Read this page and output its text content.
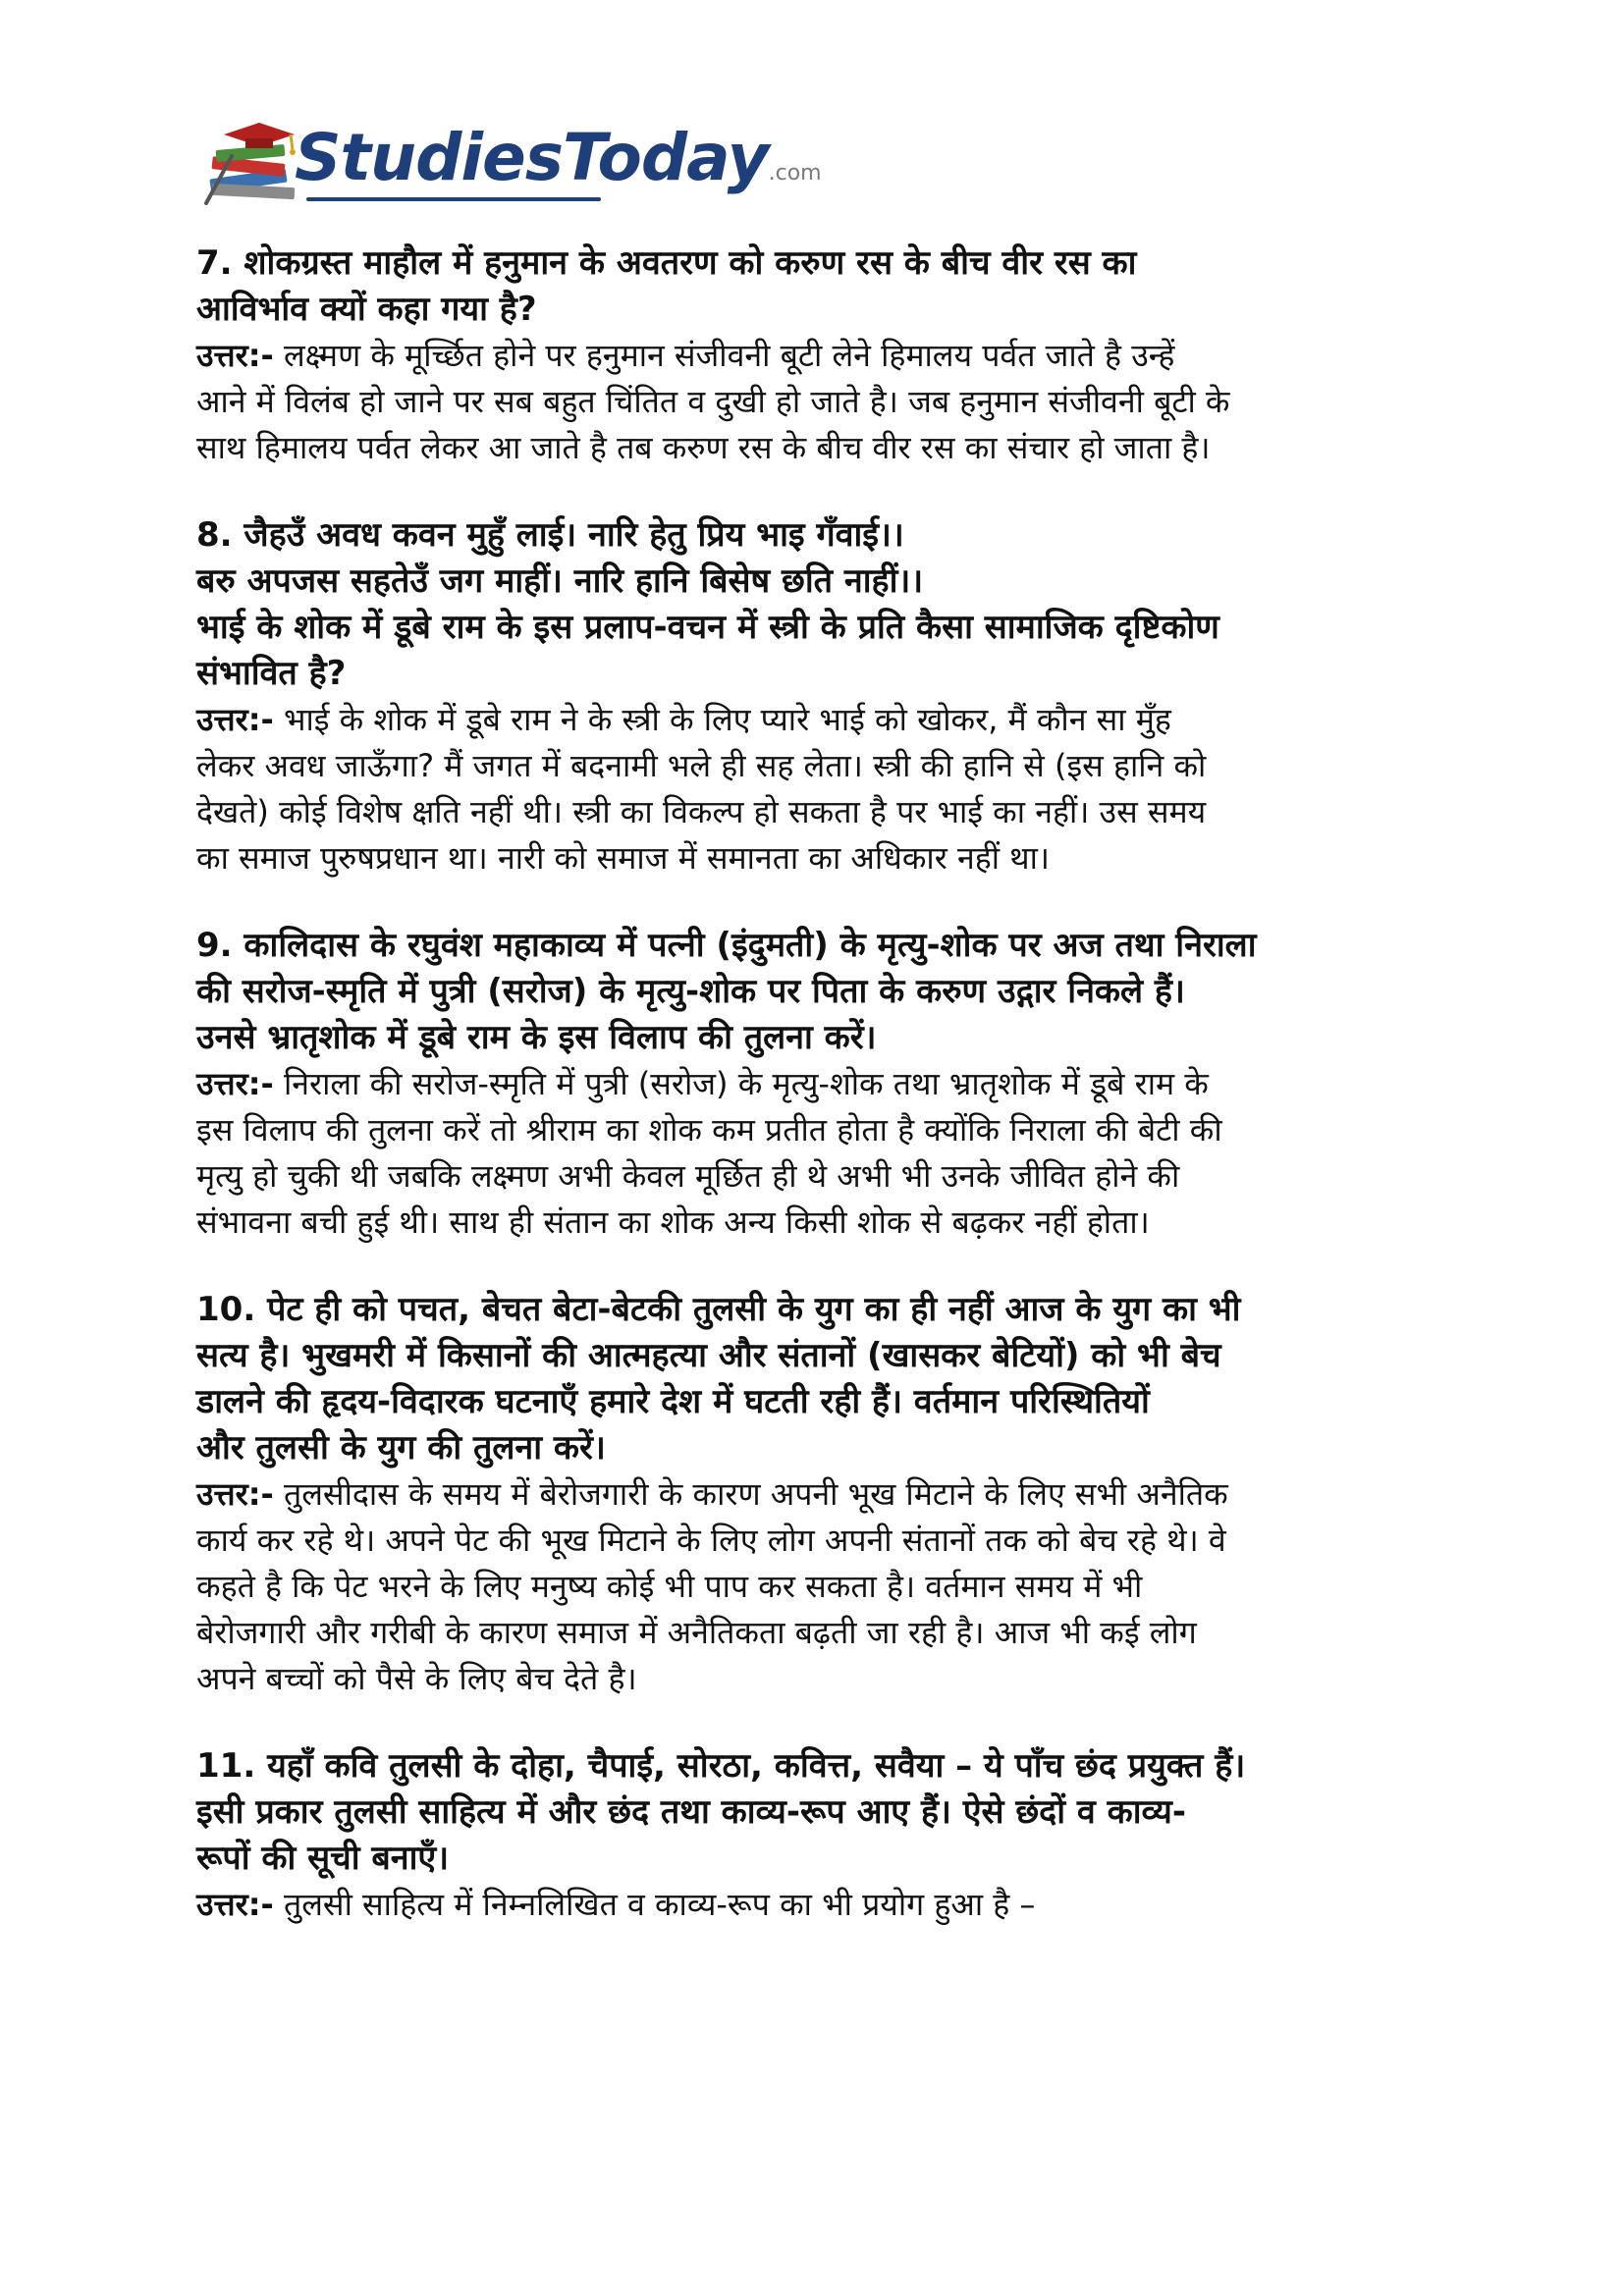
StudiesToday.com
7. शोकग्रस्त माहौल में हनुमान के अवतरण को करुण रस के बीच वीर रस का
आविर्भाव क्यों कहा गया है?
उत्तर:- लक्ष्मण के मूर्च्छित होने पर हनुमान संजीवनी बूटी लेने हिमालय पर्वत जाते है उन्हें
आने में विलंब हो जाने पर सब बहुत चिंतित व दुखी हो जाते है। जब हनुमान संजीवनी बूटी के
साथ हिमालय पर्वत लेकर आ जाते है तब करुण रस के बीच वीर रस का संचार हो जाता है।
8. जैहउँ अवध कवन मुहुँ लाई। नारि हेतु प्रिय भाइ गँवाई।।
बरु अपजस सहतेउँ जग माहीं। नारि हानि बिसेष छति नाहीं।।
भाई के शोक में डूबे राम के इस प्रलाप-वचन में स्त्री के प्रति कैसा सामाजिक दृष्टिकोण
संभावित है?
उत्तर:- भाई के शोक में डूबे राम ने के स्त्री के लिए प्यारे भाई को खोकर, मैं कौन सा मुँह
लेकर अवध जाऊँगा? मैं जगत में बदनामी भले ही सह लेता। स्त्री की हानि से (इस हानि को
देखते) कोई विशेष क्षति नहीं थी। स्त्री का विकल्प हो सकता है पर भाई का नहीं। उस समय
का समाज पुरुषप्रधान था। नारी को समाज में समानता का अधिकार नहीं था।
9. कालिदास के रघुवंश महाकाव्य में पत्नी (इंदुमती) के मृत्यु-शोक पर अज तथा निराला
की सरोज-स्मृति में पुत्री (सरोज) के मृत्यु-शोक पर पिता के करुण उद्गार निकले हैं।
उनसे भ्रातृशोक में डूबे राम के इस विलाप की तुलना करें।
उत्तर:- निराला की सरोज-स्मृति में पुत्री (सरोज) के मृत्यु-शोक तथा भ्रातृशोक में डूबे राम के
इस विलाप की तुलना करें तो श्रीराम का शोक कम प्रतीत होता है क्योंकि निराला की बेटी की
मृत्यु हो चुकी थी जबकि लक्ष्मण अभी केवल मूर्छित ही थे अभी भी उनके जीवित होने की
संभावना बची हुई थी। साथ ही संतान का शोक अन्य किसी शोक से बढ़कर नहीं होता।
10. पेट ही को पचत, बेचत बेटा-बेटकी तुलसी के युग का ही नहीं आज के युग का भी
सत्य है। भुखमरी में किसानों की आत्महत्या और संतानों (खासकर बेटियों) को भी बेच
डालने की हृदय-विदारक घटनाएँ हमारे देश में घटती रही हैं। वर्तमान परिस्थितियों
और तुलसी के युग की तुलना करें।
उत्तर:- तुलसीदास के समय में बेरोजगारी के कारण अपनी भूख मिटाने के लिए सभी अनैतिक
कार्य कर रहे थे। अपने पेट की भूख मिटाने के लिए लोग अपनी संतानों तक को बेच रहे थे। वे
कहते है कि पेट भरने के लिए मनुष्य कोई भी पाप कर सकता है। वर्तमान समय में भी
बेरोजगारी और गरीबी के कारण समाज में अनैतिकता बढ़ती जा रही है। आज भी कई लोग
अपने बच्चों को पैसे के लिए बेच देते है।
11. यहाँ कवि तुलसी के दोहा, चैपाई, सोरठा, कवित्त, सवैया – ये पाँच छंद प्रयुक्त हैं।
इसी प्रकार तुलसी साहित्य में और छंद तथा काव्य-रूप आए हैं। ऐसे छंदों व काव्य-
रूपों की सूची बनाएँ।
उत्तर:- तुलसी साहित्य में निम्नलिखित व काव्य-रूप का भी प्रयोग हुआ है –
